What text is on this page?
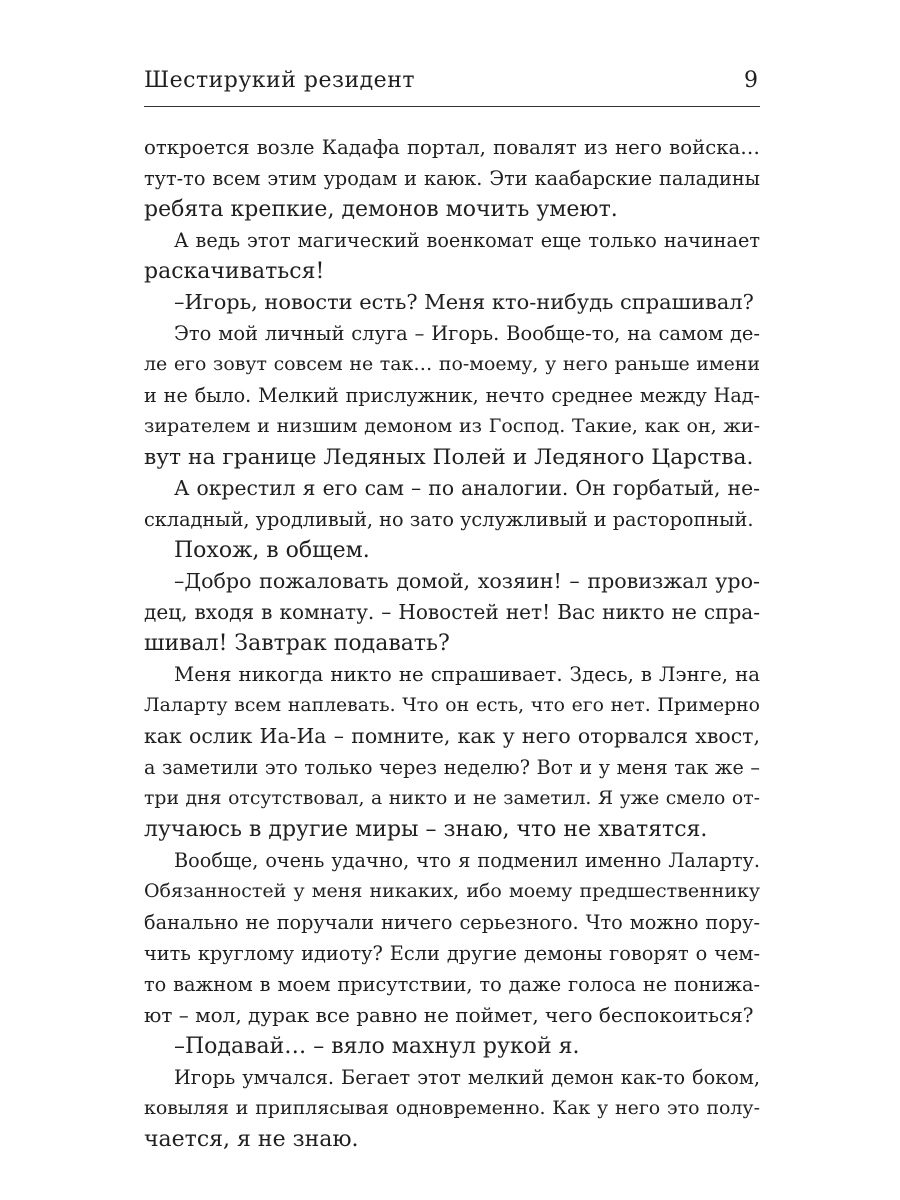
Шестирукий резидент	9
откроется возле Кадафа портал, повалят из него войска…
тут-то всем этим уродам и каюк. Эти каабарские паладины
ребята крепкие, демонов мочить умеют.
А ведь этот магический военкомат еще только начинает
раскачиваться!
–Игорь, новости есть? Меня кто-нибудь спрашивал?
Это мой личный слуга – Игорь. Вообще-то, на самом де-
ле его зовут совсем не так… по-моему, у него раньше имени
и не было. Мелкий прислужник, нечто среднее между Над-
зирателем и низшим демоном из Господ. Такие, как он, жи-
вут на границе Ледяных Полей и Ледяного Царства.
А окрестил я его сам – по аналогии. Он горбатый, не-
складный, уродливый, но зато услужливый и расторопный.
Похож, в общем.
–Добро пожаловать домой, хозяин! – провизжал уро-
дец, входя в комнату. – Новостей нет! Вас никто не спра-
шивал! Завтрак подавать?
Меня никогда никто не спрашивает. Здесь, в Лэнге, на
Лаларту всем наплевать. Что он есть, что его нет. Примерно
как ослик Иа-Иа – помните, как у него оторвался хвост,
а заметили это только через неделю? Вот и у меня так же –
три дня отсутствовал, а никто и не заметил. Я уже смело от-
лучаюсь в другие миры – знаю, что не хватятся.
Вообще, очень удачно, что я подменил именно Лаларту.
Обязанностей у меня никаких, ибо моему предшественнику
банально не поручали ничего серьезного. Что можно пору-
чить круглому идиоту? Если другие демоны говорят о чем-
то важном в моем присутствии, то даже голоса не понижа-
ют – мол, дурак все равно не поймет, чего беспокоиться?
–Подавай… – вяло махнул рукой я.
Игорь умчался. Бегает этот мелкий демон как-то боком,
ковыляя и приплясывая одновременно. Как у него это полу-
чается, я не знаю.
